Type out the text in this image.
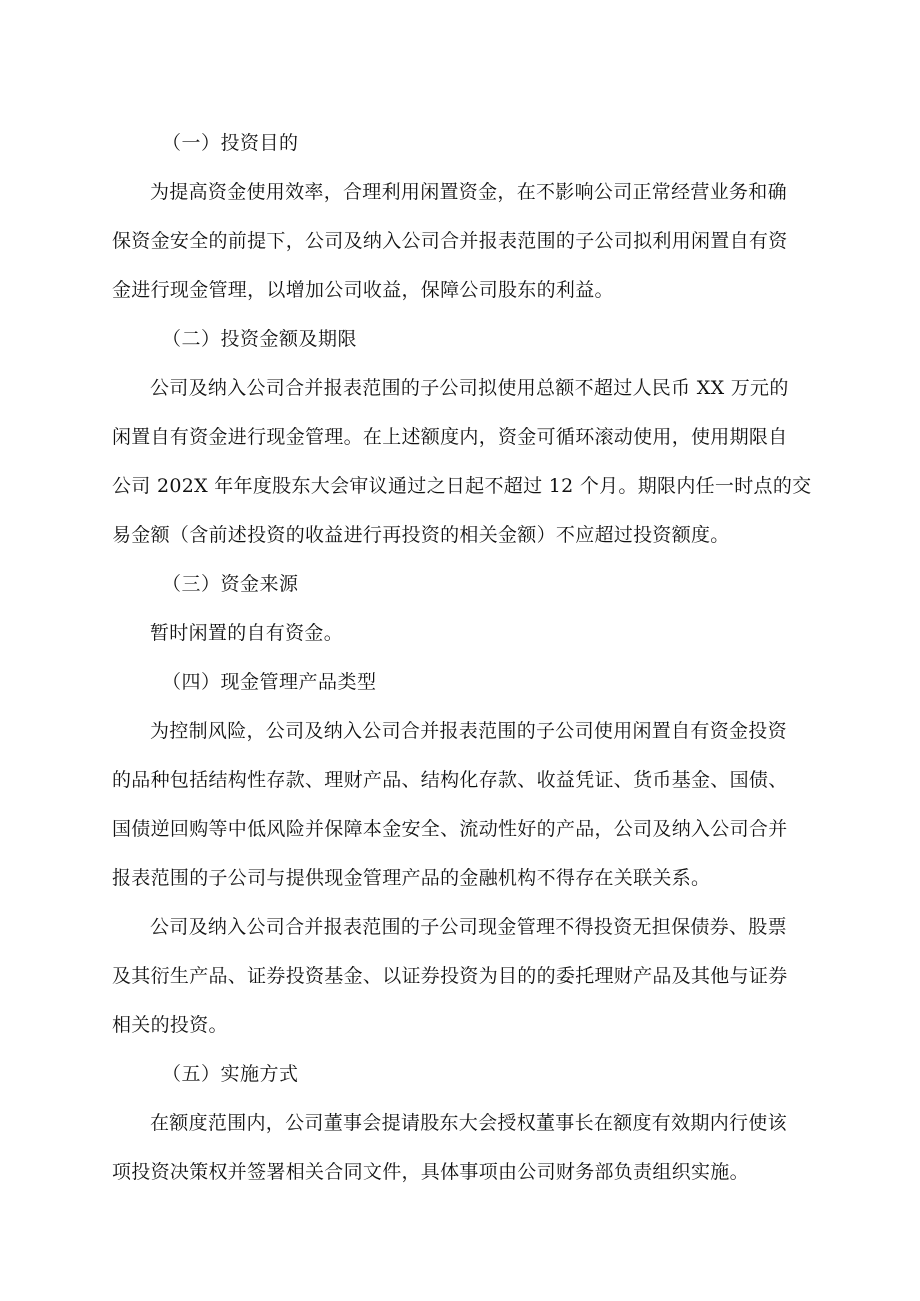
（一）投资目的
为提高资金使用效率，合理利用闲置资金，在不影响公司正常经营业务和确
保资金安全的前提下，公司及纳入公司合并报表范围的子公司拟利用闲置自有资
金进行现金管理，以增加公司收益，保障公司股东的利益。
（二）投资金额及期限
公司及纳入公司合并报表范围的子公司拟使用总额不超过人民币 XX 万元的
闲置自有资金进行现金管理。在上述额度内，资金可循环滚动使用，使用期限自
公司 202X 年年度股东大会审议通过之日起不超过 12 个月。期限内任一时点的交
易金额（含前述投资的收益进行再投资的相关金额）不应超过投资额度。
（三）资金来源
暂时闲置的自有资金。
（四）现金管理产品类型
为控制风险，公司及纳入公司合并报表范围的子公司使用闲置自有资金投资
的品种包括结构性存款、理财产品、结构化存款、收益凭证、货币基金、国债、
国债逆回购等中低风险并保障本金安全、流动性好的产品，公司及纳入公司合并
报表范围的子公司与提供现金管理产品的金融机构不得存在关联关系。
公司及纳入公司合并报表范围的子公司现金管理不得投资无担保债券、股票
及其衍生产品、证券投资基金、以证券投资为目的的委托理财产品及其他与证券
相关的投资。
（五）实施方式
在额度范围内，公司董事会提请股东大会授权董事长在额度有效期内行使该
项投资决策权并签署相关合同文件，具体事项由公司财务部负责组织实施。
